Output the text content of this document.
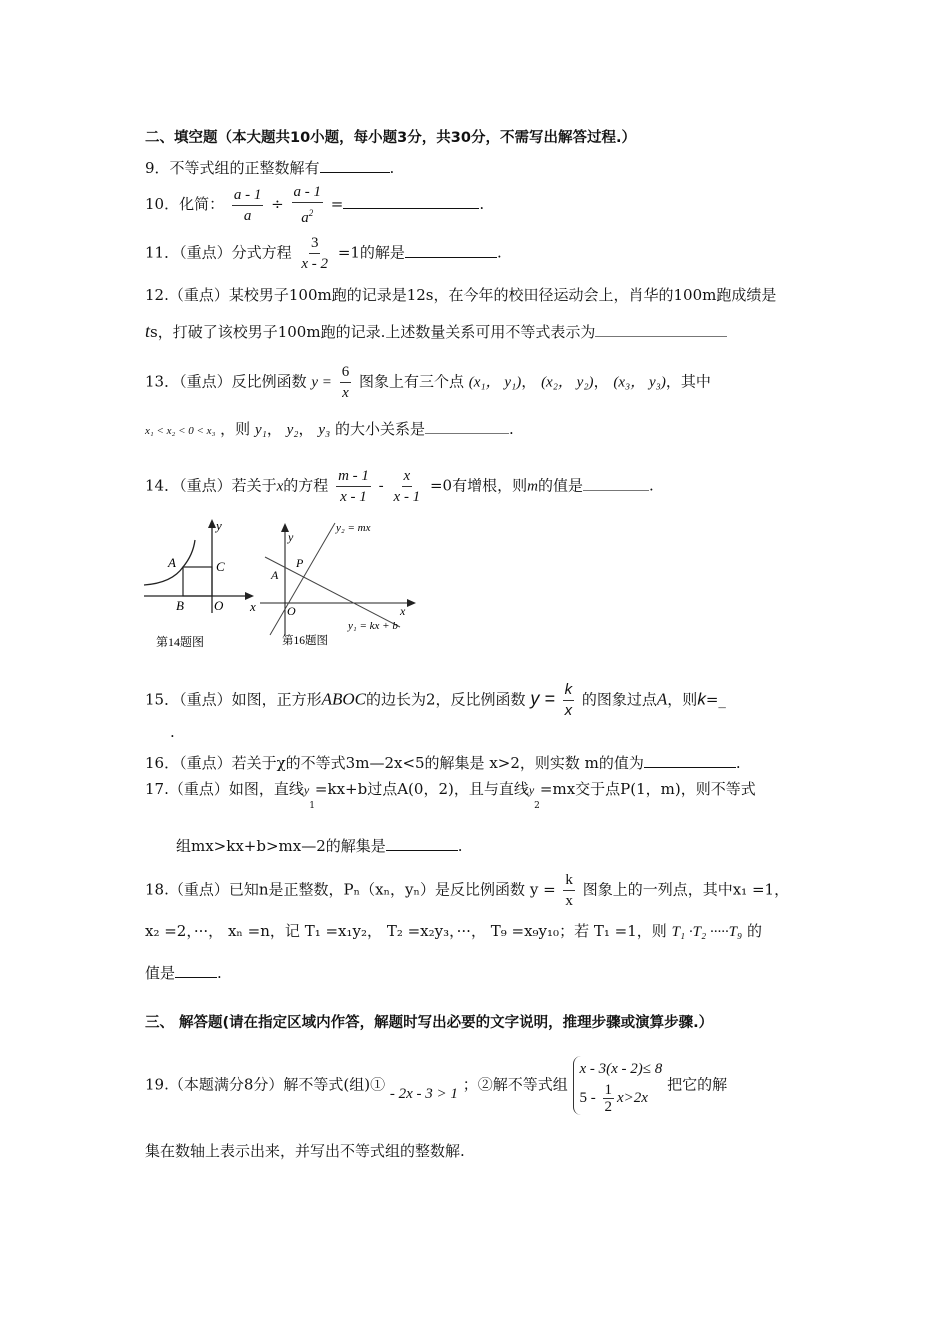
二、填空题（本大题共10小题，每小题3分，共30分，不需写出解答过程.）
9．不等式组的正整数解有	.
10．化简： $\frac{a - 1}{a} \div \frac{a - 1}{a^2}$ =	.
11．（重点）分式方程 $\frac{3}{x - 2} =1$的解是	.
12.（重点）某校男子100m跑的记录是12s，在今年的校田径运动会上，肖华的100m跑成绩是
ts，打破了该校男子100m跑的记录.上述数量关系可用不等式表示为
13．（重点）反比例函数 $y = \frac{6}{x}$ 图象上有三个点 (x₁， y₁)， (x₂， y₂)， (x₃， y₃)，其中
x₁ < x₂ < 0 < x₃ ，则 y₁， y₂， y₃ 的大小关系是	.
14．（重点）若关于x的方程 $\frac{m - 1}{x - 1} - \frac{x}{x - 1} =0$有增根，则m的值是	.
y
x
A
B
C
O
第14题图
y
x
A
P
O
y₂ = mx
y₁ = kx + b
第16题图
15．（重点）如图，正方形ABOC的边长为2，反比例函数 $y = \frac{k}{x}$ 的图象过点A，则k=_
.
16．（重点）若关于χ的不等式3m—2x<5的解集是 x>2，则实数 m的值为	.
17.（重点）如图，直线$y_1=kx+b$过点A(0，2)，且与直线$y_2=mx$交于点P(1，m)，则不等式
组mx>kx+b>mx—2的解集是	.
18.（重点）已知n是正整数，Pₙ（xₙ，yₙ）是反比例函数 $y = \frac{k}{x}$ 图象上的一列点，其中x₁ =1，
x₂ =2，···， xₙ =n，记 T₁ =x₁y₂， T₂ =x₂y₃，···， T₉ =x₉y₁₀；若 T₁ =1，则 T₁ ·T₂ ·····T₉ 的
值是	.
三、 解答题(请在指定区域内作答，解题时写出必要的文字说明，推理步骤或演算步骤.）
19.（本题满分8分）解不等式(组)① - 2x - 3 > 1 ；②解不等式组
x - 3(x - 2)≤ 8
$5 - \frac{1}{2} x>2x$
把它的解
集在数轴上表示出来，并写出不等式组的整数解.
